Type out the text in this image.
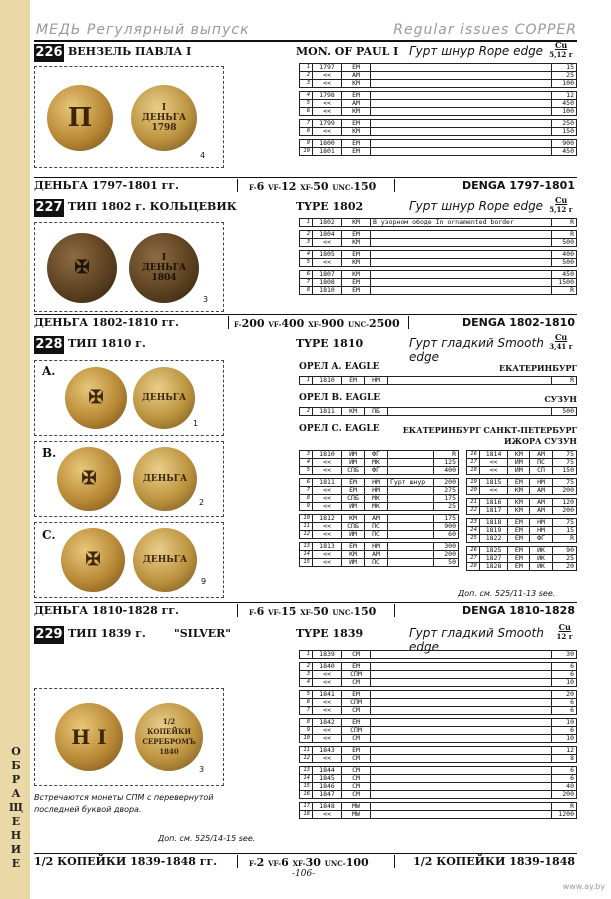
О
Б
Р
А
Щ
Е
Н
И
Е
МЕДЬ Регулярный выпуск	Regular issues COPPER
226 ВЕНЗЕЛЬ ПАВЛА I	MON. OF PAUL I Гурт шнур Rope edge	Cu
5,12 г
П	I
ДЕНЬГА
1798
4
1	1797	ЕМ		15
2	<<	АМ		25
3	<<	КМ		100

4	1798	ЕМ		12
5	<<	АМ		450
6	<<	КМ		100

7	1799	ЕМ		250
8	<<	КМ		150

9	1800	ЕМ		900
10	1801	ЕМ		450
ДЕНЬГА 1797-1801 гг.	F-6 VF-12 XF-50 UNC-150	DENGA 1797-1801
227 ТИП 1802 г. КОЛЬЦЕВИК	TYPE 1802	Гурт шнур Rope edge	Cu
5,12 г
✠	I
ДЕНЬГА
1804
3
1	1802	КМ	В узорном ободе In ornamented border	R

2	1804	ЕМ		R
3	<<	КМ		500

4	1805	ЕМ		400
5	<<	КМ		500

6	1807	КМ		450
7	1808	ЕМ		1500
8	1810	ЕМ		R
ДЕНЬГА 1802-1810 гг.	F-200 VF-400 XF-900 UNC-2500	DENGA 1802-1810
228 ТИП 1810 г.	TYPE 1810	Гурт гладкий Smooth edge
Cu
3,41 г
A.
✠	ДЕНЬГА
1
B.
✠	ДЕНЬГА
2
C.
✠	ДЕНЬГА
9
ОРЕЛ A. EAGLE	ЕКАТЕРИНБУРГ
1	1810	ЕМ	НМ		R
ОРЕЛ B. EAGLE	СУЗУН
2	1811	КМ	ПБ		500
ОРЕЛ C. EAGLE	ЕКАТЕРИНБУРГ САНКТ-ПЕТЕРБУРГ
ИЖОРА СУЗУН
3	1810	ИМ	ФГ		R
4	<<	ИМ	МК		125
5	<<	СПБ	ФГ		400

6	1811	ЕМ	НМ	Гурт шнур	200
7	<<	ЕМ	НМ		275
8	<<	СПБ	МК		175
9	<<	ИМ	МК		25

10	1812	КМ	АМ		175
11	<<	СПБ	ПС		900
12	<<	ИМ	ПС		60

13	1813	ЕМ	НМ		300
14	<<	КМ	АМ		200
15	<<	ИМ	ПС		50
16	1814	КМ	АМ	75
17	<<	ИМ	ПС	75
18	<<	ИМ	СП	150

19	1815	ЕМ	НМ	75
20	<<	КМ	АМ	200

21	1816	КМ	АМ	120
22	1817	КМ	АМ	200

23	1818	ЕМ	НМ	75
24	1819	ЕМ	НМ	15
25	1822	ЕМ	ФГ	R

26	1825	ЕМ	ИК	90
27	1827	ЕМ	ИК	25
28	1828	ЕМ	ИК	20
Доп. см. 525/11-13 see.
ДЕНЬГА 1810-1828 гг.	F-6 VF-15 XF-50 UNC-150	DENGA 1810-1828
229 ТИП 1839 г.	"SILVER"	TYPE 1839	Гурт гладкий Smooth edge
Cu
12 г
Н I
1/2
КОПЕЙКИ
СЕРЕБРОМЪ
1840
3
1	1839	СМ		30

2	1840	ЕМ		6
3	<<	СПМ		6
4	<<	СМ		10

5	1841	ЕМ		20
6	<<	СПМ		6
7	<<	СМ		6

8	1842	ЕМ		10
9	<<	СПМ		6
10	<<	СМ		10

11	1843	ЕМ		12
12	<<	СМ		8

13	1844	СМ		6
14	1845	СМ		6
15	1846	СМ		40
16	1847	СМ		200

17	1848	MW		R
18	<<	MW		1200
Встречаются монеты СПМ с перевернутой последней буквой двора.
Доп. см. 525/14-15 see.
1/2 КОПЕЙКИ 1839-1848 гг.	F-2 VF-6 XF-30 UNC-100	1/2 КОПЕЙКИ 1839-1848
-106-
www.ay.by
